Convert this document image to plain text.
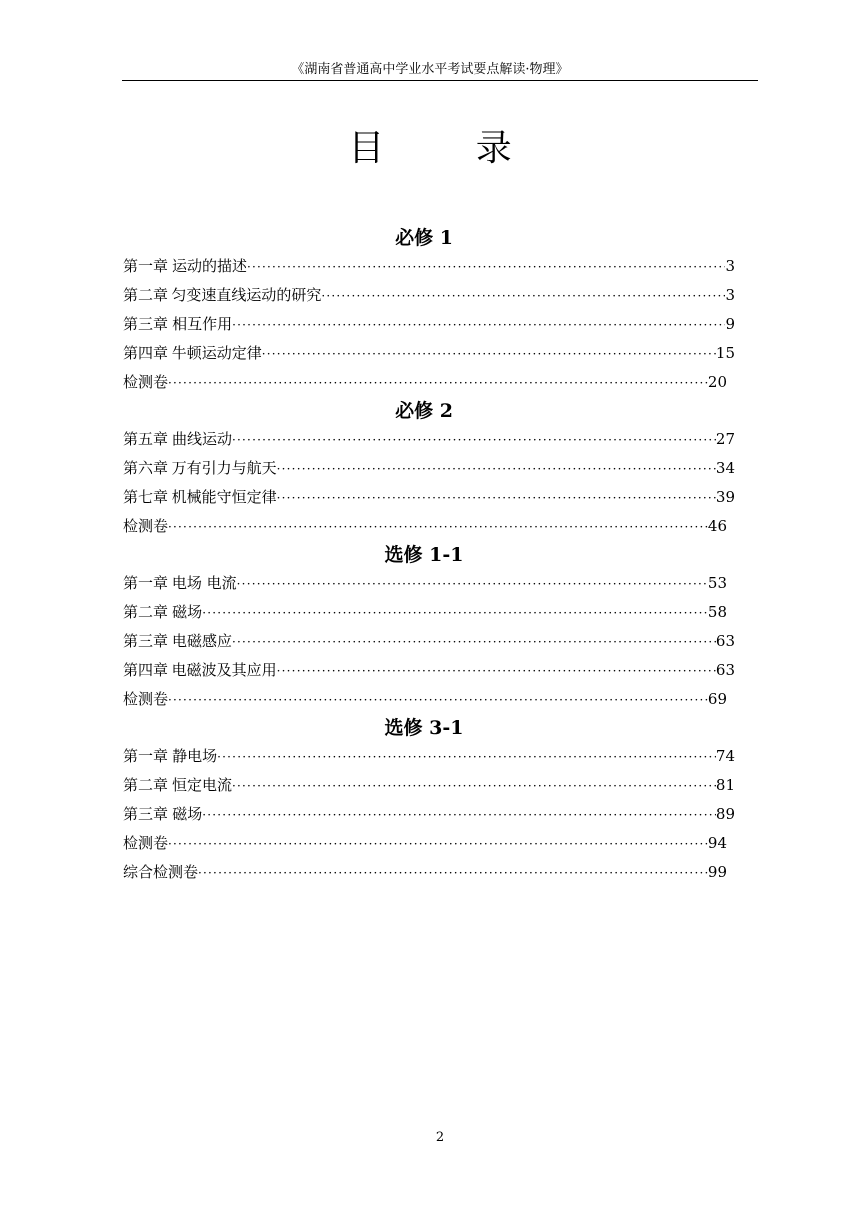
《湖南省普通高中学业水平考试要点解读·物理》
目 录
必修 1
第一章 运动的描述 ·····	3
第二章 匀变速直线运动的研究 ·····	3
第三章 相互作用 ·····	9
第四章 牛顿运动定律 ·····	15
检测卷 ·····	20
必修 2
第五章 曲线运动 ·····	27
第六章 万有引力与航天 ·····	34
第七章 机械能守恒定律 ·····	39
检测卷 ·····	46
选修 1-1
第一章 电场 电流 ·····	53
第二章 磁场 ·····	58
第三章 电磁感应 ·····	63
第四章 电磁波及其应用 ·····	63
检测卷 ·····	69
选修 3-1
第一章 静电场 ·····	74
第二章 恒定电流 ·····	81
第三章 磁场 ·····	89
检测卷 ·····	94
综合检测卷 ·····	99
2
